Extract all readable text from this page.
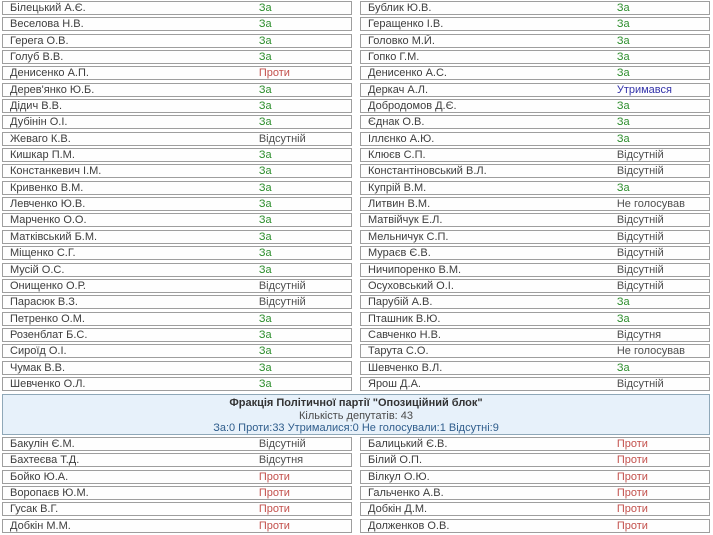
Білецький А.Є.	За
Веселова Н.В.	За
Герега О.В.	За
Голуб В.В.	За
Денисенко А.П.	Проти
Дерев'янко Ю.Б.	За
Дідич В.В.	За
Дубінін О.І.	За
Жеваго К.В.	Відсутній
Кишкар П.М.	За
Констанкевич І.М.	За
Кривенко В.М.	За
Левченко Ю.В.	За
Марченко О.О.	За
Матківський Б.М.	За
Міщенко С.Г.	За
Мусій О.С.	За
Онищенко О.Р.	Відсутній
Парасюк В.З.	Відсутній
Петренко О.М.	За
Розенблат Б.С.	За
Сироїд О.І.	За
Чумак В.В.	За
Шевченко О.Л.	За
Бублик Ю.В.	За
Геращенко І.В.	За
Головко М.Й.	За
Гопко Г.М.	За
Денисенко А.С.	За
Деркач А.Л.	Утримався
Добродомов Д.Є.	За
Єднак О.В.	За
Іллєнко А.Ю.	За
Клюєв С.П.	Відсутній
Константіновський В.Л.	Відсутній
Купрій В.М.	За
Литвин В.М.	Не голосував
Матвійчук Е.Л.	Відсутній
Мельничук С.П.	Відсутній
Мураєв Є.В.	Відсутній
Ничипоренко В.М.	Відсутній
Осуховський О.І.	Відсутній
Парубій А.В.	За
Пташник В.Ю.	За
Савченко Н.В.	Відсутня
Тарута С.О.	Не голосував
Шевченко В.Л.	За
Ярош Д.А.	Відсутній
Фракція Політичної партії "Опозиційний блок"
Кількість депутатів: 43
За:0 Проти:33 Утрималися:0 Не голосували:1 Відсутні:9
Бакулін Є.М.	Відсутній
Бахтеєва Т.Д.	Відсутня
Бойко Ю.А.	Проти
Воропаєв Ю.М.	Проти
Гусак В.Г.	Проти
Добкін М.М.	Проти
Балицький Є.В.	Проти
Білий О.П.	Проти
Вілкул О.Ю.	Проти
Гальченко А.В.	Проти
Добкін Д.М.	Проти
Долженков О.В.	Проти
